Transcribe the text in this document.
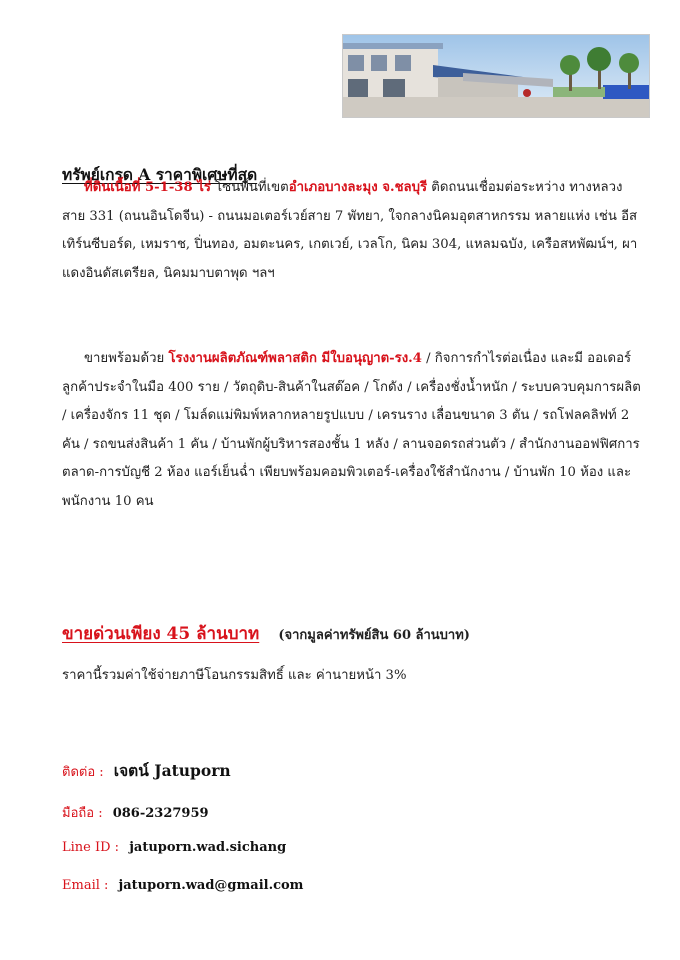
ทรัพย์เกรด A ราคาพิเศษที่สุด
ที่ดินเนื้อที่ 5-1-38 ไร่ โซนพื้นที่เขตอำเภอบางละมุง จ.ชลบุรี ติดถนนเชื่อมต่อระหว่าง ทางหลวงสาย 331 (ถนนอินโดจีน) - ถนนมอเตอร์เวย์สาย 7 พัทยา, ใจกลางนิคมอุตสาหกรรม หลายแห่ง เช่น อีสเทิร์นซีบอร์ด, เหมราช, ปิ่นทอง, อมตะนคร, เกตเวย์, เวลโก, นิคม 304, แหลมฉบัง, เครือสหพัฒน์ฯ, ผาแดงอินดัสเตรียล, นิคมมาบตาพุด ฯลฯ
ขายพร้อมด้วย โรงงานผลิตภัณฑ์พลาสติก มีใบอนุญาต-รง.4 / กิจการกำไรต่อเนื่อง และมี ออเดอร์ลูกค้าประจำในมือ 400 ราย / วัตถุดิบ-สินค้าในสต๊อค / โกดัง / เครื่องชั่งน้ำหนัก / ระบบควบคุมการผลิต / เครื่องจักร 11 ชุด / โมล์ดแม่พิมพ์หลากหลายรูปแบบ / เครนราง เลื่อนขนาด 3 ตัน / รถโฟลคลิฟท์ 2 คัน / รถขนส่งสินค้า 1 คัน / บ้านพักผู้บริหารสองชั้น 1 หลัง / ลานจอดรถส่วนตัว / สำนักงานออฟฟิศการตลาด-การบัญชี 2 ห้อง แอร์เย็นฉ่ำ เพียบพร้อมคอมพิวเตอร์-เครื่องใช้สำนักงาน / บ้านพัก 10 ห้อง และ พนักงาน 10 คน
ขายด่วนเพียง 45 ล้านบาท (จากมูลค่าทรัพย์สิน 60 ล้านบาท)
ราคานี้รวมค่าใช้จ่ายภาษีโอนกรรมสิทธิ์ และ ค่านายหน้า 3%
ติดต่อ : เจตน์ Jatuporn
มือถือ : 086-2327959
Line ID : jatuporn.wad.sichang
Email : jatuporn.wad@gmail.com
